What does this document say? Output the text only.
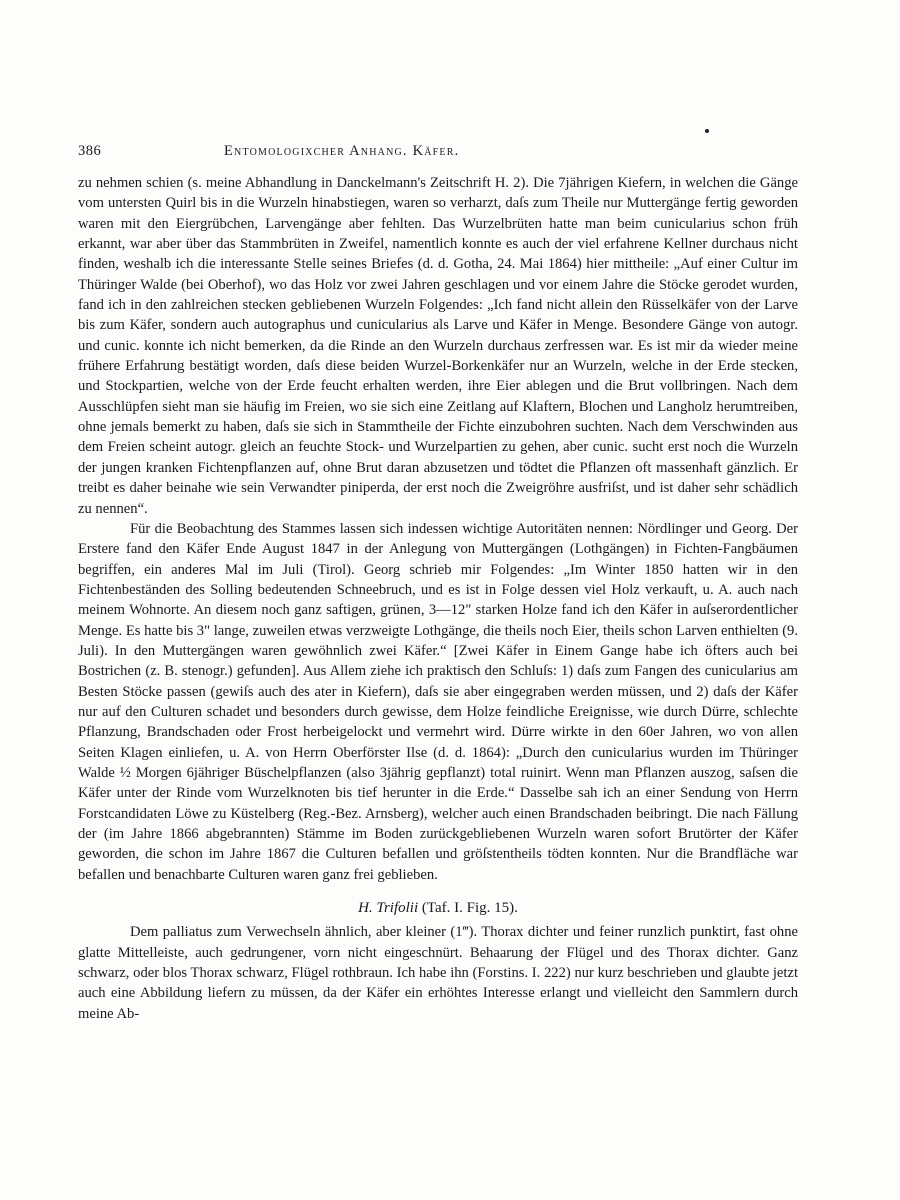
386	Entomologixcher Anhang. Käfer.

zu nehmen schien (s. meine Abhandlung in Danckelmann's Zeitschrift H. 2). Die 7jährigen Kiefern, in welchen die Gänge vom untersten Quirl bis in die Wurzeln hinabstiegen, waren so verharzt, daſs zum Theile nur Muttergänge fertig geworden waren mit den Eiergrübchen, Larvengänge aber fehlten. Das Wurzelbrüten hatte man beim cunicularius schon früh erkannt, war aber über das Stammbrüten in Zweifel, namentlich konnte es auch der viel erfahrene Kellner durchaus nicht finden, weshalb ich die interessante Stelle seines Briefes (d. d. Gotha, 24. Mai 1864) hier mittheile: „Auf einer Cultur im Thüringer Walde (bei Oberhof), wo das Holz vor zwei Jahren geschlagen und vor einem Jahre die Stöcke gerodet wurden, fand ich in den zahlreichen stecken gebliebenen Wurzeln Folgendes: „Ich fand nicht allein den Rüsselkäfer von der Larve bis zum Käfer, sondern auch autographus und cunicularius als Larve und Käfer in Menge. Besondere Gänge von autogr. und cunic. konnte ich nicht bemerken, da die Rinde an den Wurzeln durchaus zerfressen war. Es ist mir da wieder meine frühere Erfahrung bestätigt worden, daſs diese beiden Wurzel-Borkenkäfer nur an Wurzeln, welche in der Erde stecken, und Stockpartien, welche von der Erde feucht erhalten werden, ihre Eier ablegen und die Brut vollbringen. Nach dem Ausschlüpfen sieht man sie häufig im Freien, wo sie sich eine Zeitlang auf Klaftern, Blochen und Langholz herumtreiben, ohne jemals bemerkt zu haben, daſs sie sich in Stammtheile der Fichte einzubohren suchten. Nach dem Verschwinden aus dem Freien scheint autogr. gleich an feuchte Stock- und Wurzelpartien zu gehen, aber cunic. sucht erst noch die Wurzeln der jungen kranken Fichtenpflanzen auf, ohne Brut daran abzusetzen und tödtet die Pflanzen oft massenhaft gänzlich. Er treibt es daher beinahe wie sein Verwandter piniperda, der erst noch die Zweigröhre ausfriſst, und ist daher sehr schädlich zu nennen“.

Für die Beobachtung des Stammes lassen sich indessen wichtige Autoritäten nennen: Nördlinger und Georg. Der Erstere fand den Käfer Ende August 1847 in der Anlegung von Muttergängen (Lothgängen) in Fichten-Fangbäumen begriffen, ein anderes Mal im Juli (Tirol). Georg schrieb mir Folgendes: „Im Winter 1850 hatten wir in den Fichtenbeständen des Solling bedeutenden Schneebruch, und es ist in Folge dessen viel Holz verkauft, u. A. auch nach meinem Wohnorte. An diesem noch ganz saftigen, grünen, 3—12" starken Holze fand ich den Käfer in auſserordentlicher Menge. Es hatte bis 3" lange, zuweilen etwas verzweigte Lothgänge, die theils noch Eier, theils schon Larven enthielten (9. Juli). In den Muttergängen waren gewöhnlich zwei Käfer.“ [Zwei Käfer in Einem Gange habe ich öfters auch bei Bostrichen (z. B. stenogr.) gefunden]. Aus Allem ziehe ich praktisch den Schluſs: 1) daſs zum Fangen des cunicularius am Besten Stöcke passen (gewiſs auch des ater in Kiefern), daſs sie aber eingegraben werden müssen, und 2) daſs der Käfer nur auf den Culturen schadet und besonders durch gewisse, dem Holze feindliche Ereignisse, wie durch Dürre, schlechte Pflanzung, Brandschaden oder Frost herbeigelockt und vermehrt wird. Dürre wirkte in den 60er Jahren, wo von allen Seiten Klagen einliefen, u. A. von Herrn Oberförster Ilse (d. d. 1864): „Durch den cunicularius wurden im Thüringer Walde ½ Morgen 6jähriger Büschelpflanzen (also 3jährig gepflanzt) total ruinirt. Wenn man Pflanzen auszog, saſsen die Käfer unter der Rinde vom Wurzelknoten bis tief herunter in die Erde.“ Dasselbe sah ich an einer Sendung von Herrn Forstcandidaten Löwe zu Küstelberg (Reg.-Bez. Arnsberg), welcher auch einen Brandschaden beibringt. Die nach Fällung der (im Jahre 1866 abgebrannten) Stämme im Boden zurückgebliebenen Wurzeln waren sofort Brutörter der Käfer geworden, die schon im Jahre 1867 die Culturen befallen und gröſstentheils tödten konnten. Nur die Brandfläche war befallen und benachbarte Culturen waren ganz frei geblieben.

H. Trifolii (Taf. I. Fig. 15).

Dem palliatus zum Verwechseln ähnlich, aber kleiner (1‴). Thorax dichter und feiner runzlich punktirt, fast ohne glatte Mittelleiste, auch gedrungener, vorn nicht eingeschnürt. Behaarung der Flügel und des Thorax dichter. Ganz schwarz, oder blos Thorax schwarz, Flügel rothbraun. Ich habe ihn (Forstins. I. 222) nur kurz beschrieben und glaubte jetzt auch eine Abbildung liefern zu müssen, da der Käfer ein erhöhtes Interesse erlangt und vielleicht den Sammlern durch meine Ab-
